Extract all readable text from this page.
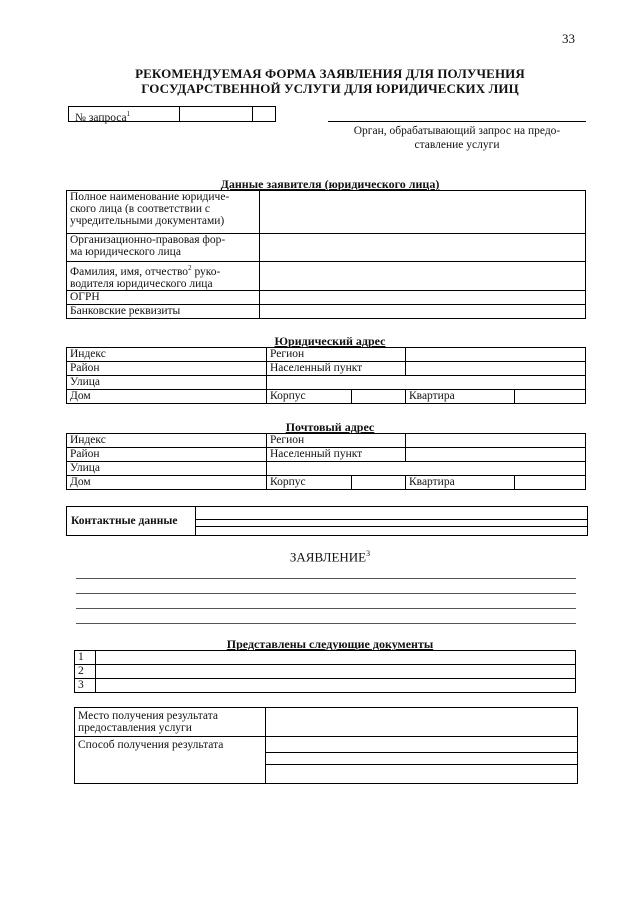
33
РЕКОМЕНДУЕМАЯ ФОРМА ЗАЯВЛЕНИЯ ДЛЯ ПОЛУЧЕНИЯ
ГОСУДАРСТВЕННОЙ УСЛУГИ ДЛЯ ЮРИДИЧЕСКИХ ЛИЦ
№ запроса$^1$
Орган, обрабатывающий запрос на предо-
ставление услуги
Данные заявителя (юридического лица)
Полное наименование юридиче-
ского лица (в соответствии с
учредительными документами)	

Организационно-правовая фор-
ма юридического лица	

Фамилия, имя, отчество$^2$ руко-
водителя юридического лица	

ОГРН	
Банковские реквизиты	
Юридический адрес
Индекс	Регион			
Район	Населенный пункт			
Улица				
Дом	Корпус		Квартира	
Почтовый адрес
Индекс	Регион			
Район	Населенный пункт			
Улица				
Дом	Корпус		Квартира	
Контактные данные
ЗАЯВЛЕНИЕ$^3$
Представлены следующие документы
1	
2	
3	
Место получения результата
предоставления услуги
Способ получения результата
